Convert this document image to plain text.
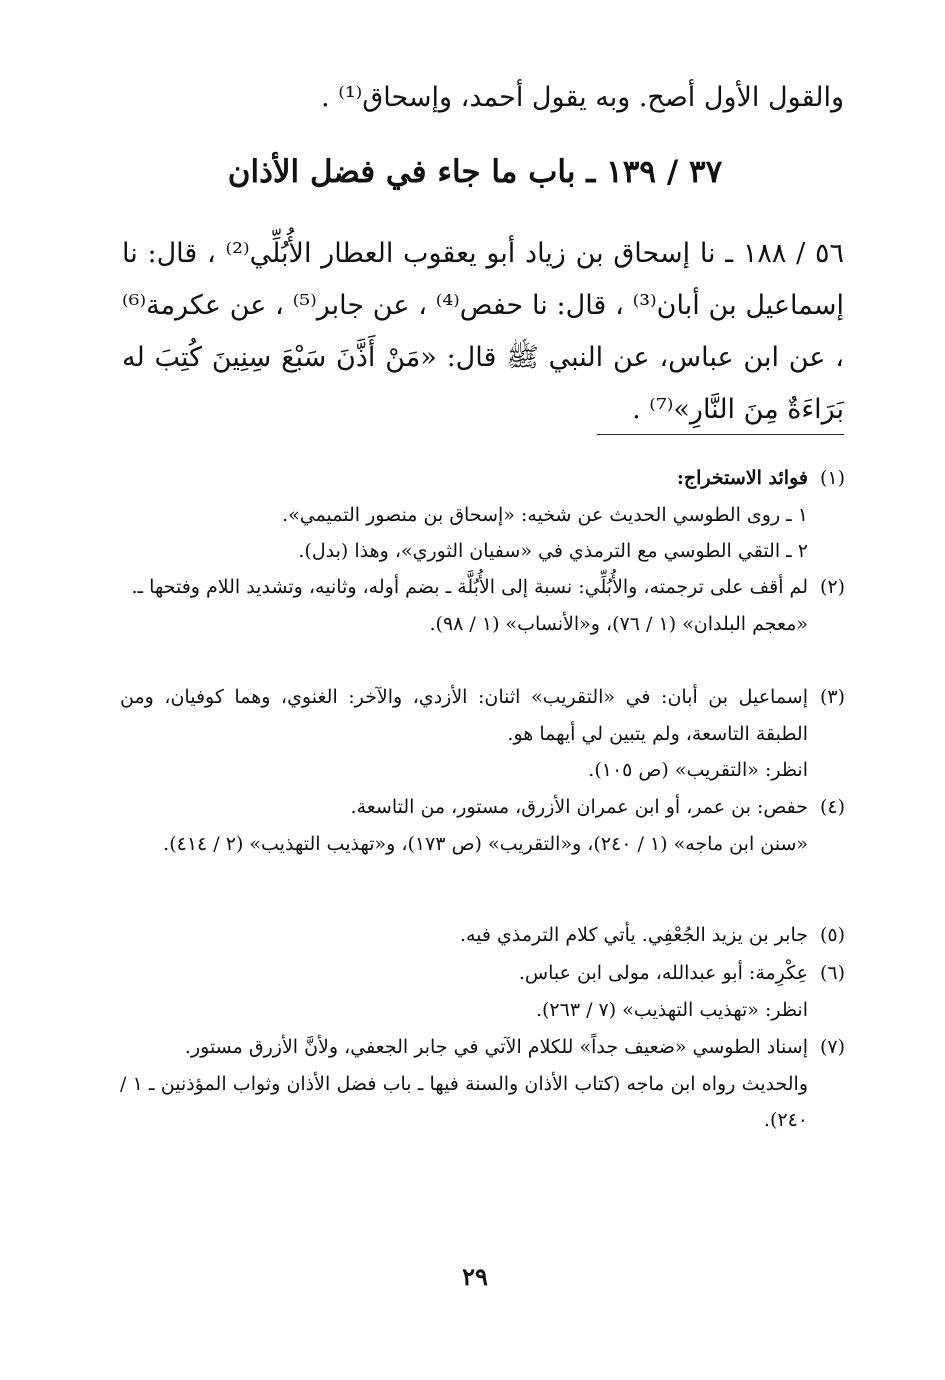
والقول الأول أصح. وبه يقول أحمد، وإسحاق⁽¹⁾ .
٣٧ / ١٣٩ ـ باب ما جاء في فضل الأذان
٥٦ / ١٨٨ ـ نا إسحاق بن زياد أبو يعقوب العطار الأُبُلِّي⁽²⁾ ، قال: نا إسماعيل بن أبان⁽³⁾ ، قال: نا حفص⁽⁴⁾ ، عن جابر⁽⁵⁾ ، عن عكرمة⁽⁶⁾ ، عن ابن عباس، عن النبي ﷺ قال: «مَنْ أَذَّنَ سَبْعَ سِنِينَ كُتِبَ له بَرَاءَةٌ مِنَ النَّارِ»⁽⁷⁾ .
(١)

فوائد الاستخراج:

١ ـ روى الطوسي الحديث عن شخيه: «إسحاق بن منصور التميمي».

٢ ـ التقي الطوسي مع الترمذي في «سفيان الثوري»، وهذا (بدل).

(٢)

لم أقف على ترجمته، والأُبُلِّي: نسبة إلى الأُبُلَّة ـ بضم أوله، وثانيه، وتشديد اللام وفتحها ـ.

«معجم البلدان» (١ / ٧٦)، و«الأنساب» (١ / ٩٨).

(٣)

إسماعيل بن أبان: في «التقريب» اثنان: الأزدي، والآخر: الغنوي، وهما كوفيان، ومن الطبقة التاسعة، ولم يتبين لي أيهما هو.

انظر: «التقريب» (ص ١٠٥).

(٤)

حفص: بن عمر، أو ابن عمران الأزرق، مستور، من التاسعة.

«سنن ابن ماجه» (١ / ٢٤٠)، و«التقريب» (ص ١٧٣)، و«تهذيب التهذيب» (٢ / ٤١٤).

(٥)

جابر بن يزيد الجُعْفِي. يأتي كلام الترمذي فيه.

(٦)

عِكْرِمة: أبو عبدالله، مولى ابن عباس.

انظر: «تهذيب التهذيب» (٧ / ٢٦٣).

(٧)

إسناد الطوسي «ضعيف جداً» للكلام الآتي في جابر الجعفي، ولأنَّ الأزرق مستور.

والحديث رواه ابن ماجه (كتاب الأذان والسنة فيها ـ باب فضل الأذان وثواب المؤذنين ـ ١ / ٢٤٠).

٢٩
